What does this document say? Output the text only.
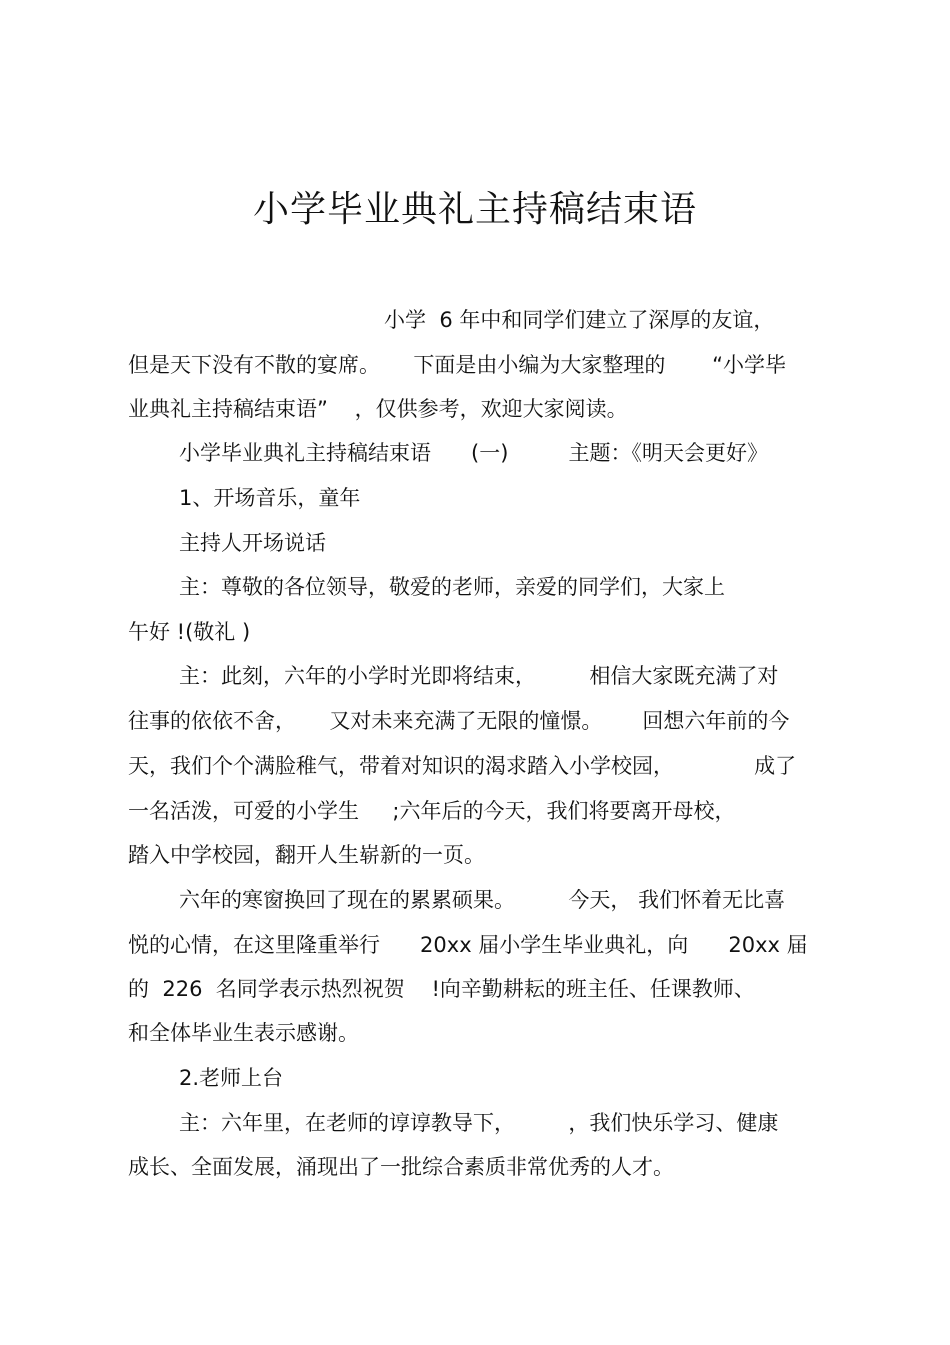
小学毕业典礼主持稿结束语
小学  6 年中和同学们建立了深厚的友谊，
但是天下没有不散的宴席。     下面是由小编为大家整理的       “小学毕
业典礼主持稿结束语”    ，仅供参考，欢迎大家阅读。
小学毕业典礼主持稿结束语      (一)         主题：《明天会更好》
1、开场音乐，童年
主持人开场说话
主：尊敬的各位领导，敬爱的老师，亲爱的同学们，大家上
午好 !(敬礼 )
主：此刻，六年的小学时光即将结束，        相信大家既充满了对
往事的依依不舍，     又对未来充满了无限的憧憬。      回想六年前的今
天，我们个个满脸稚气，带着对知识的渴求踏入小学校园，            成了
一名活泼，可爱的小学生     ;六年后的今天，我们将要离开母校，
踏入中学校园，翻开人生崭新的一页。
六年的寒窗换回了现在的累累硕果。        今天， 我们怀着无比喜
悦的心情，在这里隆重举行      20xx 届小学生毕业典礼，向      20xx 届
的  226  名同学表示热烈祝贺    !向辛勤耕耘的班主任、任课教师、
和全体毕业生表示感谢。
2.老师上台
主：六年里，在老师的谆谆教导下，        ，我们快乐学习、健康
成长、全面发展，涌现出了一批综合素质非常优秀的人才。
